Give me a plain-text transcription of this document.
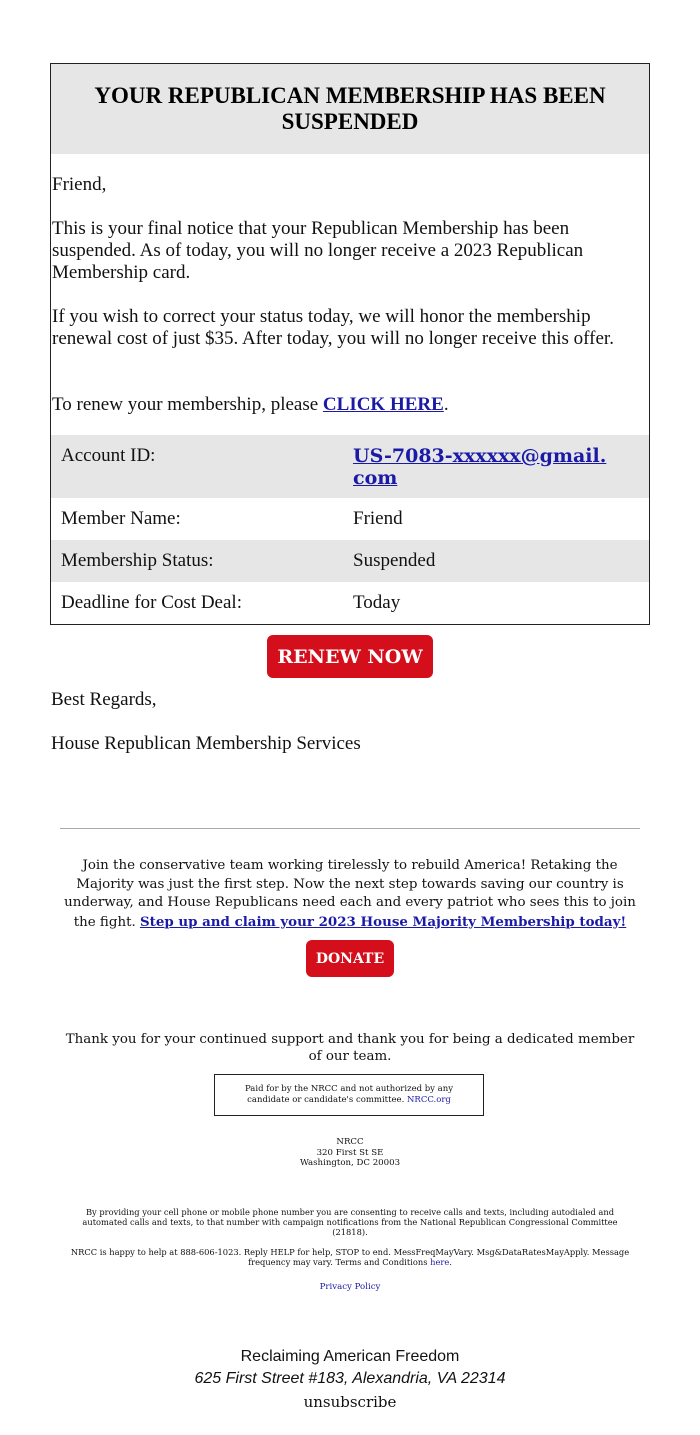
YOUR REPUBLICAN MEMBERSHIP HAS BEEN SUSPENDED
Friend,
This is your final notice that your Republican Membership has been suspended. As of today, you will no longer receive a 2023 Republican Membership card.
If you wish to correct your status today, we will honor the membership renewal cost of just $35. After today, you will no longer receive this offer.
To renew your membership, please CLICK HERE.
Account ID:	US-7083-xxxxxx@gmail.com
Member Name:	Friend
Membership Status:	Suspended
Deadline for Cost Deal:	Today
RENEW NOW
Best Regards,
House Republican Membership Services
Join the conservative team working tirelessly to rebuild America! Retaking the Majority was just the first step. Now the next step towards saving our country is underway, and House Republicans need each and every patriot who sees this to join the fight. Step up and claim your 2023 House Majority Membership today!
DONATE
Thank you for your continued support and thank you for being a dedicated member of our team.
Paid for by the NRCC and not authorized by any candidate or candidate's committee. NRCC.org
NRCC
320 First St SE
Washington, DC 20003
By providing your cell phone or mobile phone number you are consenting to receive calls and texts, including autodialed and automated calls and texts, to that number with campaign notifications from the National Republican Congressional Committee (21818).
NRCC is happy to help at 888-606-1023. Reply HELP for help, STOP to end. MessFreqMayVary. Msg&DataRatesMayApply. Message frequency may vary. Terms and Conditions here.
Privacy Policy
Reclaiming American Freedom
625 First Street #183, Alexandria, VA 22314
unsubscribe
